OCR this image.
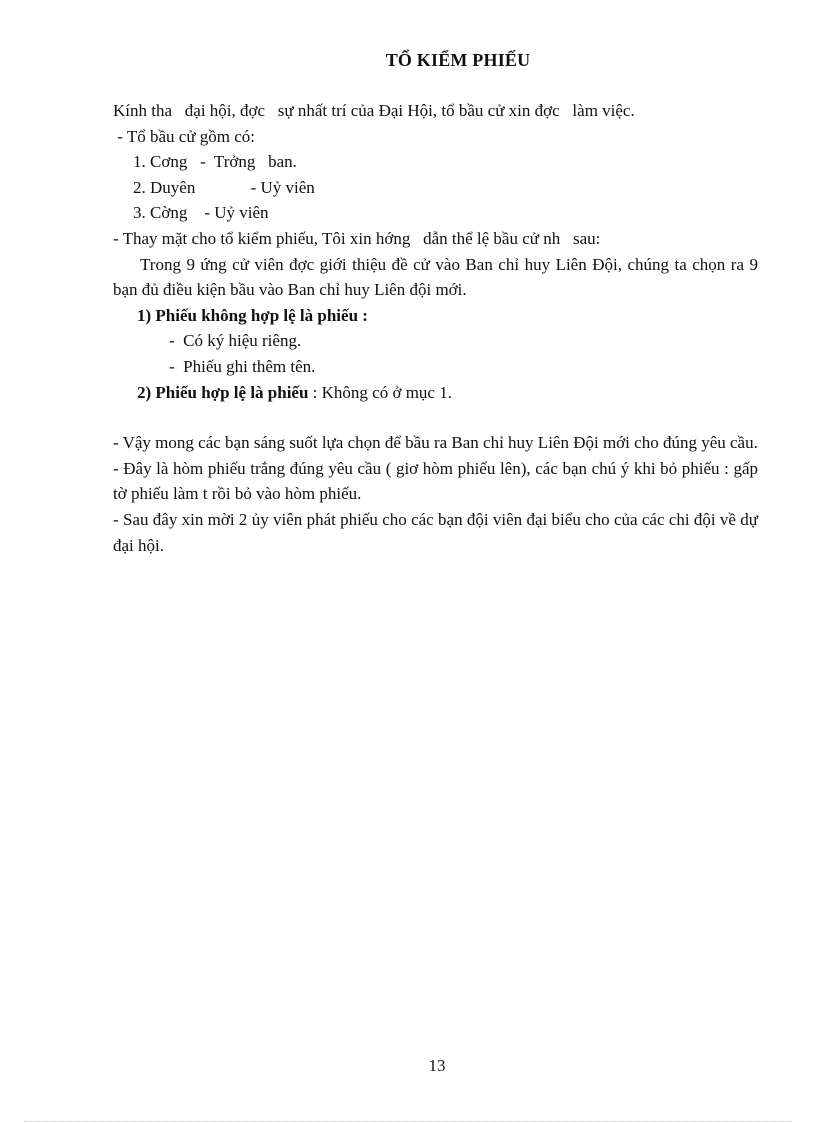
TỔ KIỂM PHIẾU

Kính tha   đại hội, đợc   sự nhất trí của Đại Hội, tổ bầu cử xin đợc   làm việc.

- Tổ bầu cử gồm có:

1. Cơng   -  Trởng   ban.

2. Duyên             - Uỷ viên

3. Cờng    - Uỷ viên

- Thay mặt cho tổ kiểm phiếu, Tôi xin hớng   dẫn thể lệ bầu cử nh   sau:

Trong 9 ứng cử viên đợc giới thiệu đề cử vào Ban chỉ huy Liên Đội, chúng ta chọn ra 9 bạn đủ điều kiện bầu vào Ban chỉ huy Liên đội mới.

1) Phiếu không hợp lệ là phiếu :

-  Có ký hiệu riêng.

-  Phiếu ghi thêm tên.

2) Phiếu hợp lệ là phiếu : Không có ở mục 1.

- Vậy mong các bạn sáng suốt lựa chọn để bầu ra Ban chỉ huy Liên Đội mới cho đúng yêu cầu.

- Đây là hòm phiếu trắng đúng yêu cầu ( giơ hòm phiếu lên), các bạn chú ý khi bỏ phiếu : gấp tờ phiếu làm t rồi bỏ vào hòm phiếu.

- Sau đây xin mời 2 ủy viên phát phiếu cho các bạn đội viên đại biểu cho của các chi đội về dự đại hội.

13
